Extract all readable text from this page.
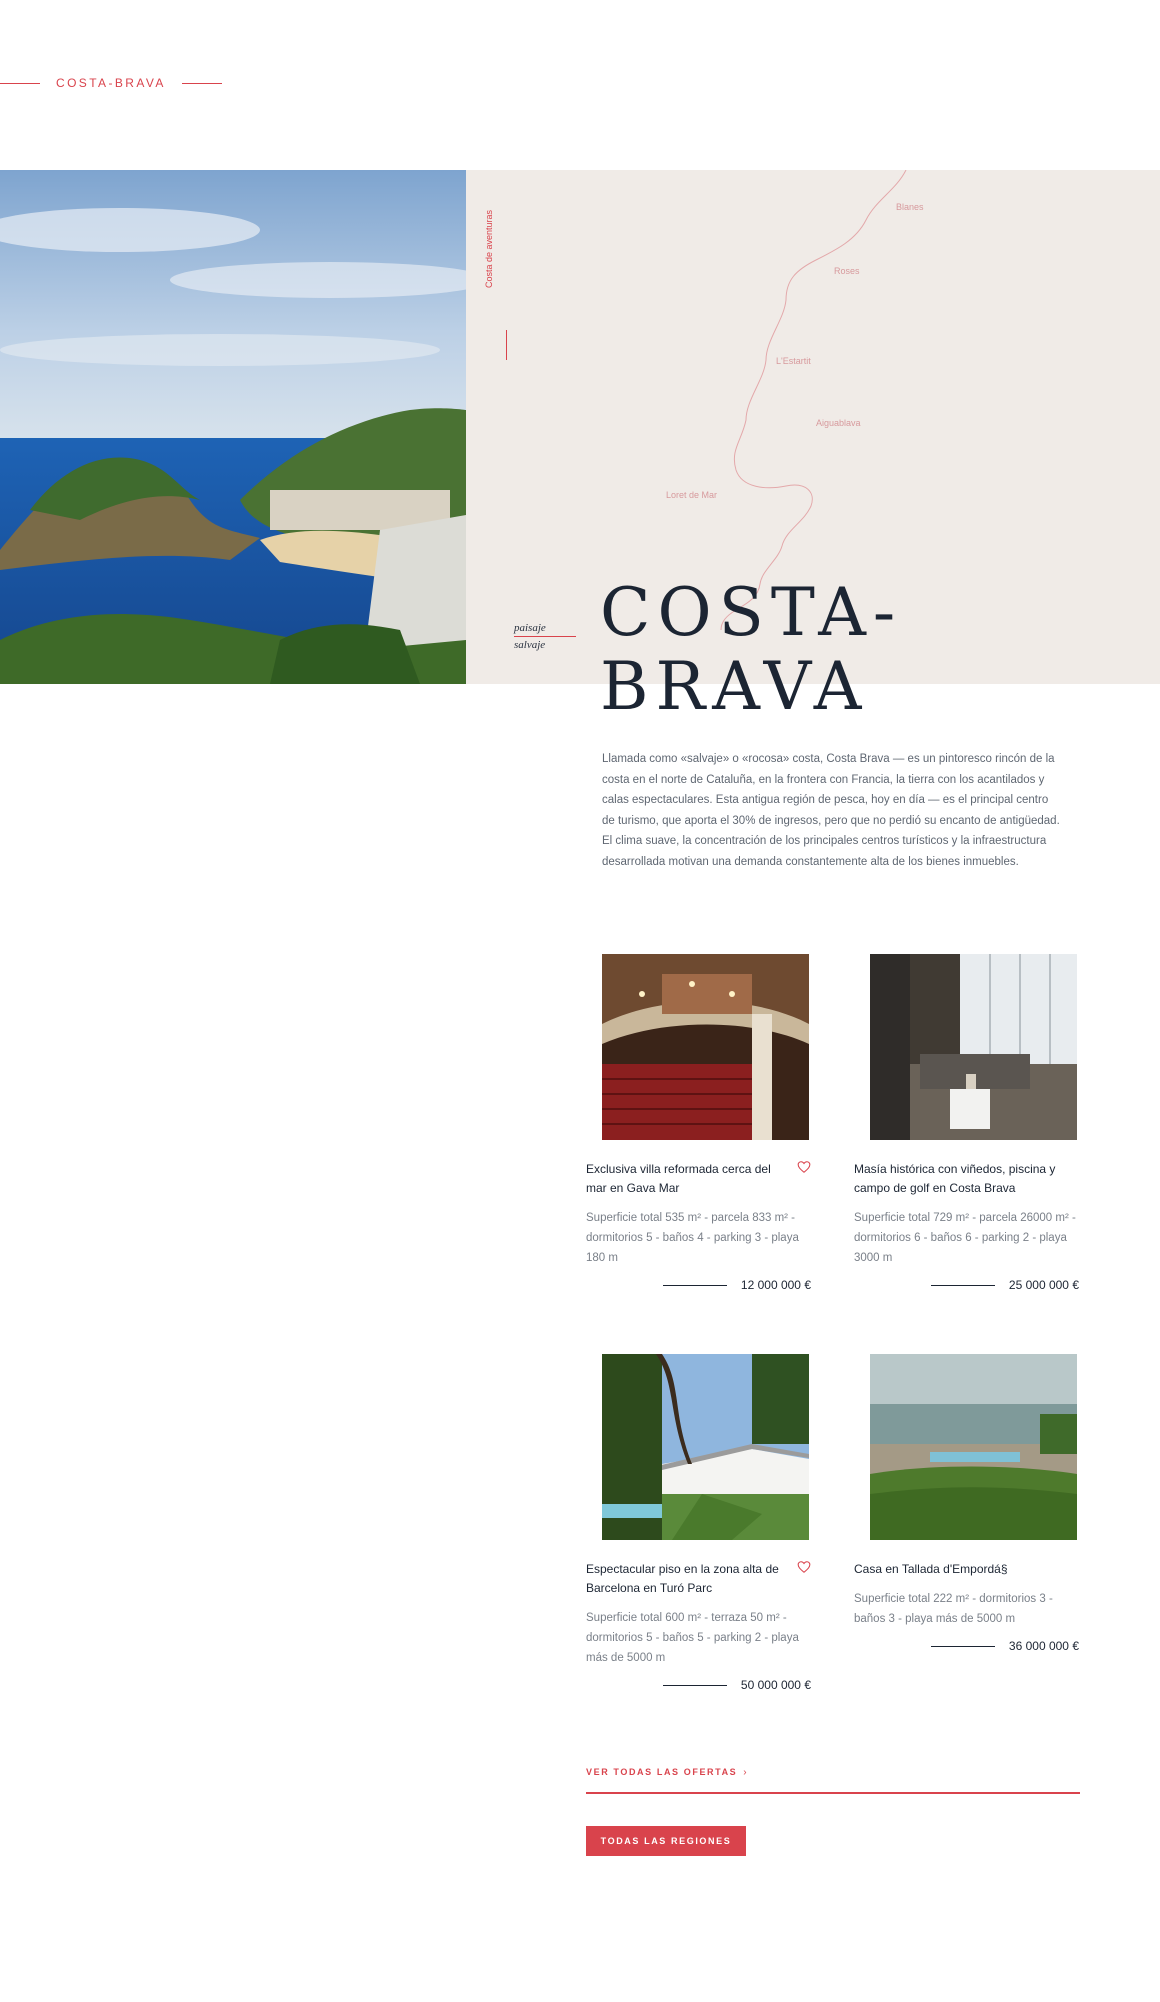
COSTA-BRAVA
Blanes
Roses
L'Estartit
Aiguablava
Loret de Mar
Costa de aventuras
paisaje
salvaje COSTA-
BRAVA

Llamada como «salvaje» o «rocosa» costa, Costa Brava — es un pintoresco rincón de la costa en el norte de Cataluña, en la frontera con Francia, la tierra con los acantilados y calas espectaculares. Esta antigua región de pesca, hoy en día — es el principal centro de turismo, que aporta el 30% de ingresos, pero que no perdió su encanto de antigüedad. El clima suave, la concentración de los principales centros turísticos y la infraestructura desarrollada motivan una demanda constantemente alta de los bienes inmuebles.

Exclusiva villa reformada cerca del mar en Gava Mar
Superficie total 535 m² - parcela 833 m² - dormitorios 5 - baños 4 - parking 3 - playa 180 m
12 000 000 €
Masía histórica con viñedos, piscina y campo de golf en Costa Brava
Superficie total 729 m² - parcela 26000 m² - dormitorios 6 - baños 6 - parking 2 - playa 3000 m
25 000 000 €
Espectacular piso en la zona alta de Barcelona en Turó Parc
Superficie total 600 m² - terraza 50 m² - dormitorios 5 - baños 5 - parking 2 - playa más de 5000 m
50 000 000 €
Casa en Tallada d'Empordá§
Superficie total 222 m² - dormitorios 3 - baños 3 - playa más de 5000 m
36 000 000 €
VER TODAS LAS OFERTAS ›
TODAS LAS REGIONES
